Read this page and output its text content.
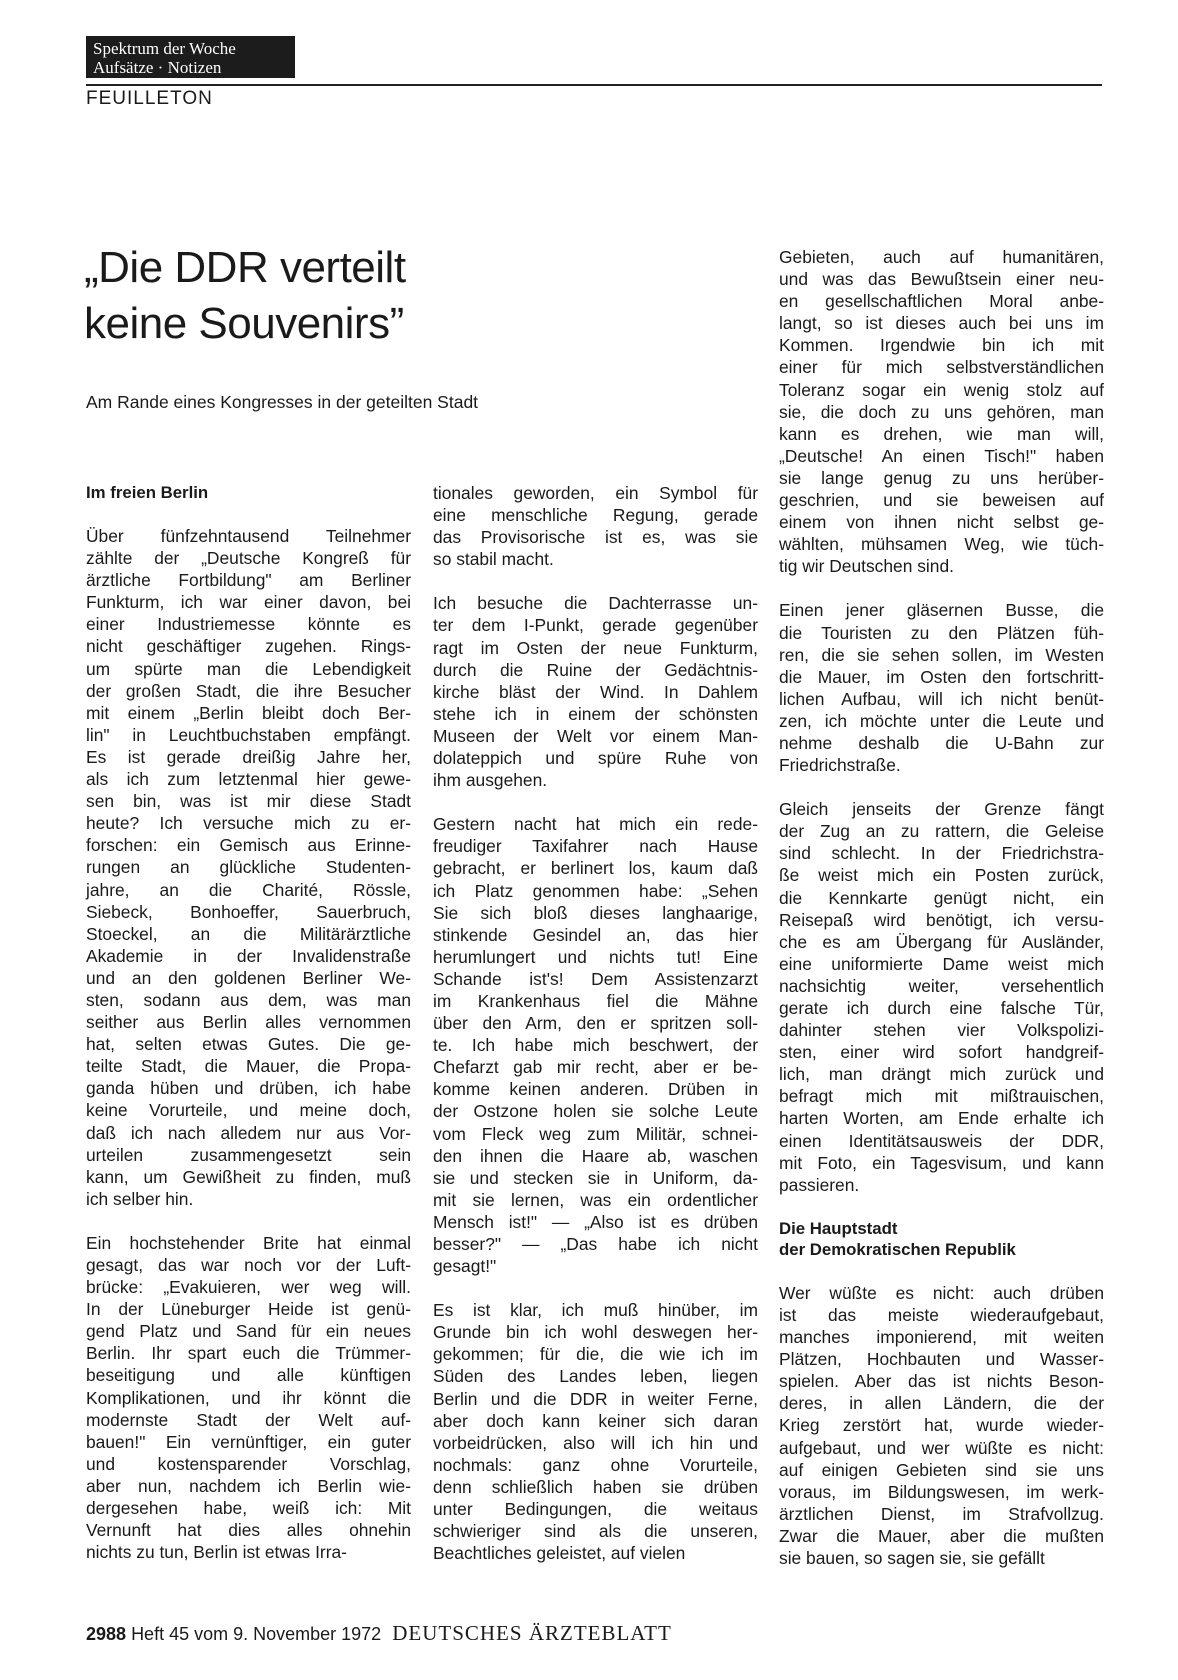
Spektrum der Woche
Aufsätze · Notizen
FEUILLETON
„Die DDR verteilt
keine Souvenirs”
Am Rande eines Kongresses in der geteilten Stadt
Im freien Berlin
Über fünfzehntausend Teilnehmer
zählte der „Deutsche Kongreß für
ärztliche Fortbildung" am Berliner
Funkturm, ich war einer davon, bei
einer Industriemesse könnte es
nicht geschäftiger zugehen. Rings-
um spürte man die Lebendigkeit
der großen Stadt, die ihre Besucher
mit einem „Berlin bleibt doch Ber-
lin" in Leuchtbuchstaben empfängt.
Es ist gerade dreißig Jahre her,
als ich zum letztenmal hier gewe-
sen bin, was ist mir diese Stadt
heute? Ich versuche mich zu er-
forschen: ein Gemisch aus Erinne-
rungen an glückliche Studenten-
jahre, an die Charité, Rössle,
Siebeck, Bonhoeffer, Sauerbruch,
Stoeckel, an die Militärärztliche
Akademie in der Invalidenstraße
und an den goldenen Berliner We-
sten, sodann aus dem, was man
seither aus Berlin alles vernommen
hat, selten etwas Gutes. Die ge-
teilte Stadt, die Mauer, die Propa-
ganda hüben und drüben, ich habe
keine Vorurteile, und meine doch,
daß ich nach alledem nur aus Vor-
urteilen zusammengesetzt sein
kann, um Gewißheit zu finden, muß
ich selber hin.
Ein hochstehender Brite hat einmal
gesagt, das war noch vor der Luft-
brücke: „Evakuieren, wer weg will.
In der Lüneburger Heide ist genü-
gend Platz und Sand für ein neues
Berlin. Ihr spart euch die Trümmer-
beseitigung und alle künftigen
Komplikationen, und ihr könnt die
modernste Stadt der Welt auf-
bauen!" Ein vernünftiger, ein guter
und kostensparender Vorschlag,
aber nun, nachdem ich Berlin wie-
dergesehen habe, weiß ich: Mit
Vernunft hat dies alles ohnehin
nichts zu tun, Berlin ist etwas Irra-
tionales geworden, ein Symbol für
eine menschliche Regung, gerade
das Provisorische ist es, was sie
so stabil macht.
Ich besuche die Dachterrasse un-
ter dem I-Punkt, gerade gegenüber
ragt im Osten der neue Funkturm,
durch die Ruine der Gedächtnis-
kirche bläst der Wind. In Dahlem
stehe ich in einem der schönsten
Museen der Welt vor einem Man-
dolateppich und spüre Ruhe von
ihm ausgehen.
Gestern nacht hat mich ein rede-
freudiger Taxifahrer nach Hause
gebracht, er berlinert los, kaum daß
ich Platz genommen habe: „Sehen
Sie sich bloß dieses langhaarige,
stinkende Gesindel an, das hier
herumlungert und nichts tut! Eine
Schande ist's! Dem Assistenzarzt
im Krankenhaus fiel die Mähne
über den Arm, den er spritzen soll-
te. Ich habe mich beschwert, der
Chefarzt gab mir recht, aber er be-
komme keinen anderen. Drüben in
der Ostzone holen sie solche Leute
vom Fleck weg zum Militär, schnei-
den ihnen die Haare ab, waschen
sie und stecken sie in Uniform, da-
mit sie lernen, was ein ordentlicher
Mensch ist!" — „Also ist es drüben
besser?" — „Das habe ich nicht
gesagt!"
Es ist klar, ich muß hinüber, im
Grunde bin ich wohl deswegen her-
gekommen; für die, die wie ich im
Süden des Landes leben, liegen
Berlin und die DDR in weiter Ferne,
aber doch kann keiner sich daran
vorbeidrücken, also will ich hin und
nochmals: ganz ohne Vorurteile,
denn schließlich haben sie drüben
unter Bedingungen, die weitaus
schwieriger sind als die unseren,
Beachtliches geleistet, auf vielen
Gebieten, auch auf humanitären,
und was das Bewußtsein einer neu-
en gesellschaftlichen Moral anbe-
langt, so ist dieses auch bei uns im
Kommen. Irgendwie bin ich mit
einer für mich selbstverständlichen
Toleranz sogar ein wenig stolz auf
sie, die doch zu uns gehören, man
kann es drehen, wie man will,
„Deutsche! An einen Tisch!" haben
sie lange genug zu uns herüber-
geschrien, und sie beweisen auf
einem von ihnen nicht selbst ge-
wählten, mühsamen Weg, wie tüch-
tig wir Deutschen sind.
Einen jener gläsernen Busse, die
die Touristen zu den Plätzen füh-
ren, die sie sehen sollen, im Westen
die Mauer, im Osten den fortschritt-
lichen Aufbau, will ich nicht benüt-
zen, ich möchte unter die Leute und
nehme deshalb die U-Bahn zur
Friedrichstraße.
Gleich jenseits der Grenze fängt
der Zug an zu rattern, die Geleise
sind schlecht. In der Friedrichstra-
ße weist mich ein Posten zurück,
die Kennkarte genügt nicht, ein
Reisepaß wird benötigt, ich versu-
che es am Übergang für Ausländer,
eine uniformierte Dame weist mich
nachsichtig weiter, versehentlich
gerate ich durch eine falsche Tür,
dahinter stehen vier Volkspolizi-
sten, einer wird sofort handgreif-
lich, man drängt mich zurück und
befragt mich mit mißtrauischen,
harten Worten, am Ende erhalte ich
einen Identitätsausweis der DDR,
mit Foto, ein Tagesvisum, und kann
passieren.
Die Hauptstadt
der Demokratischen Republik
Wer wüßte es nicht: auch drüben
ist das meiste wiederaufgebaut,
manches imponierend, mit weiten
Plätzen, Hochbauten und Wasser-
spielen. Aber das ist nichts Beson-
deres, in allen Ländern, die der
Krieg zerstört hat, wurde wieder-
aufgebaut, und wer wüßte es nicht:
auf einigen Gebieten sind sie uns
voraus, im Bildungswesen, im werk-
ärztlichen Dienst, im Strafvollzug.
Zwar die Mauer, aber die mußten
sie bauen, so sagen sie, sie gefällt
2988 Heft 45 vom 9. November 1972 DEUTSCHES ÄRZTEBLATT
